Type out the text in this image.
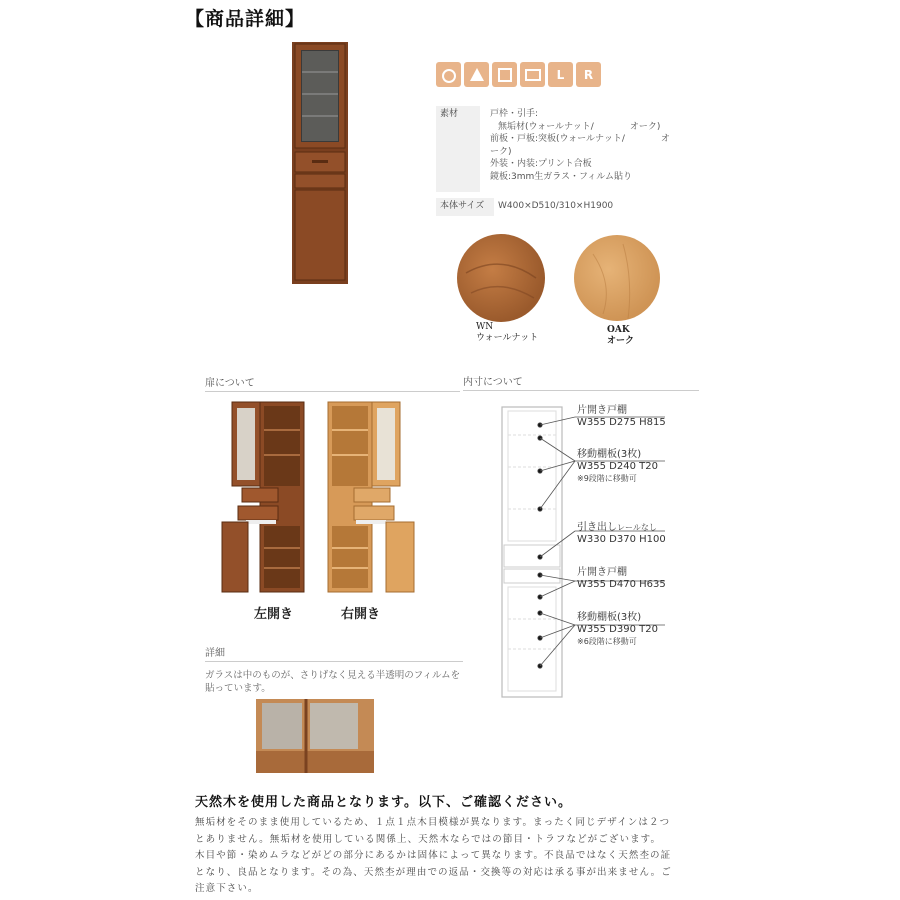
【商品詳細】
L R
素材	戸枠・引手:
無垢材(ウォールナット/　　　　オーク)
前板・戸板:突板(ウォールナット/　　　　オ
ーク)
外装・内装:プリント合板
鏡板:3mm生ガラス・フィルム貼り
本体サイズ	W400×D510/310×H1900
WN
ウォールナット
OAK
オーク
扉について
左開き	右開き
詳細
ガラスは中のものが、さりげなく見える半透明のフィルムを貼っています。
内寸について
片開き戸棚
W355 D275 H815
移動棚板(3枚)
W355 D240 T20
※9段階に移動可
引き出しレールなし
W330 D370 H100
片開き戸棚
W355 D470 H635
移動棚板(3枚)
W355 D390 T20
※6段階に移動可
天然木を使用した商品となります。以下、ご確認ください。
無垢材をそのまま使用しているため、１点１点木目模様が異なります。まったく同じデザインは２つ
とありません。無垢材を使用している関係上、天然木ならではの節目・トラフなどがございます。
木目や節・染めムラなどがどの部分にあるかは固体によって異なります。不良品ではなく天然杢の証
となり、良品となります。その為、天然杢が理由での返品・交換等の対応は承る事が出来ません。ご
注意下さい。
